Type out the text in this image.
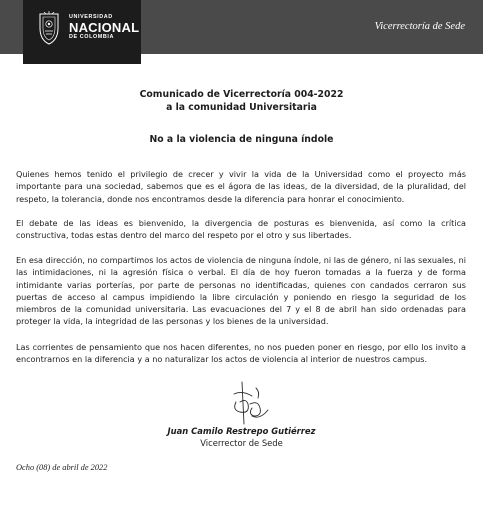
UNIVERSIDAD
NACIONAL
DE COLOMBIA
Vicerrectoría de Sede
Comunicado de Vicerrectoría 004-2022
a la comunidad Universitaria
No a la violencia de ninguna índole

Quienes hemos tenido el privilegio de crecer y vivir la vida de la Universidad como el proyecto más importante para una sociedad, sabemos que es el ágora de las ideas, de la diversidad, de la pluralidad, del respeto, la tolerancia, donde nos encontramos desde la diferencia para honrar el conocimiento.

El debate de las ideas es bienvenido, la divergencia de posturas es bienvenida, así como la crítica constructiva, todas estas dentro del marco del respeto por el otro y sus libertades.

En esa dirección, no compartimos los actos de violencia de ninguna índole, ni las de género, ni las sexuales, ni las intimidaciones, ni la agresión física o verbal. El día de hoy fueron tomadas a la fuerza y de forma intimidante varias porterías, por parte de personas no identificadas, quienes con candados cerraron sus puertas de acceso al campus impidiendo la libre circulación y poniendo en riesgo la seguridad de los miembros de la comunidad universitaria. Las evacuaciones del 7 y el 8 de abril han sido ordenadas para proteger la vida, la integridad de las personas y los bienes de la universidad.

Las corrientes de pensamiento que nos hacen diferentes, no nos pueden poner en riesgo, por ello los invito a encontrarnos en la diferencia y a no naturalizar los actos de violencia al interior de nuestros campus.

Juan Camilo Restrepo Gutiérrez
Vicerrector de Sede
Ocho (08) de abril de 2022
